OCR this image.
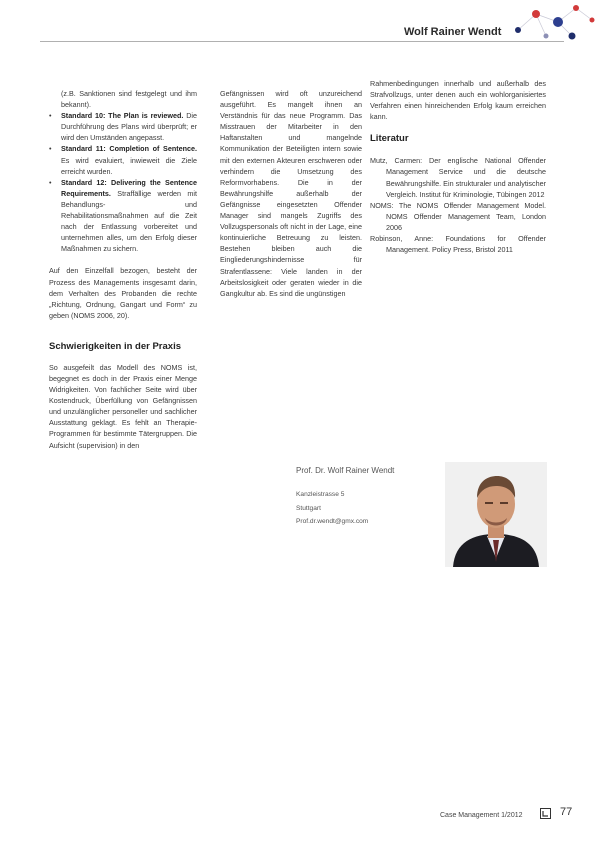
Wolf Rainer Wendt

(z.B. Sanktionen sind festgelegt und ihm bekannt).

• Standard 10: The Plan is reviewed. Die Durchführung des Plans wird überprüft; er wird den Umständen angepasst.

• Standard 11: Completion of Sentence. Es wird evaluiert, inwieweit die Ziele erreicht wurden.

• Standard 12: Delivering the Sentence Requirements. Straffällige werden mit Behandlungs- und Rehabilitationsmaßnahmen auf die Zeit nach der Entlassung vorbereitet und unternehmen alles, um den Erfolg dieser Maßnahmen zu sichern.

Auf den Einzelfall bezogen, besteht der Prozess des Managements insgesamt darin, dem Verhalten des Probanden die rechte „Richtung, Ordnung, Gangart und Form“ zu geben (NOMS 2006, 20).

Schwierigkeiten in der Praxis

So ausgefeilt das Modell des NOMS ist, begegnet es doch in der Praxis einer Menge Widrigkeiten. Von fachlicher Seite wird über Kostendruck, Überfüllung von Gefängnissen und unzulänglicher personeller und sachlicher Ausstattung geklagt. Es fehlt an Therapie-Programmen für bestimmte Tätergruppen. Die Aufsicht (supervision) in den

Gefängnissen wird oft unzureichend ausgeführt. Es mangelt ihnen an Verständnis für das neue Programm. Das Misstrauen der Mitarbeiter in den Haftanstalten und mangelnde Kommunikation der Beteiligten intern sowie mit den externen Akteuren erschweren oder verhindern die Umsetzung des Reformvorhabens. Die in der Bewährungshilfe außerhalb der Gefängnisse eingesetzten Offender Manager sind mangels Zugriffs des Vollzugspersonals oft nicht in der Lage, eine kontinuierliche Betreuung zu leisten. Bestehen bleiben auch die Eingliederungshindernisse für Strafentlassene: Viele landen in der Arbeitslosigkeit oder geraten wieder in die Gangkultur ab. Es sind die ungünstigen

Rahmenbedingungen innerhalb und außerhalb des Strafvollzugs, unter denen auch ein wohlorganisiertes Verfahren einen hinreichenden Erfolg kaum erreichen kann.

Literatur

Mutz, Carmen: Der englische National Offender Management Service und die deutsche Bewährungshilfe. Ein strukturaler und analytischer Vergleich. Institut für Kriminologie, Tübingen 2012

NOMS: The NOMS Offender Management Model. NOMS Offender Management Team, London 2006

Robinson, Anne: Foundations for Offender Management. Policy Press, Bristol 2011

Prof. Dr. Wolf Rainer Wendt
Kanzleistrasse 5
Stuttgart
Prof.dr.wendt@gmx.com
Case Management 1/2012	77
